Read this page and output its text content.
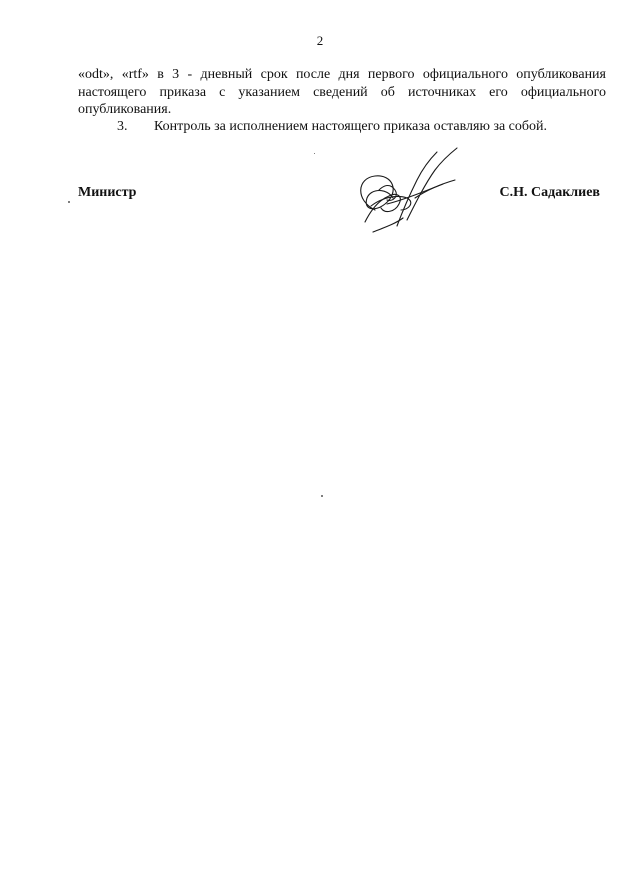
2

«odt», «rtf» в 3 - дневный срок после дня первого официального опубликования настоящего приказа с указанием сведений об источниках его официального опубликования.

3. Контроль за исполнением настоящего приказа оставляю за собой.

Министр	С.Н. Садаклиев
